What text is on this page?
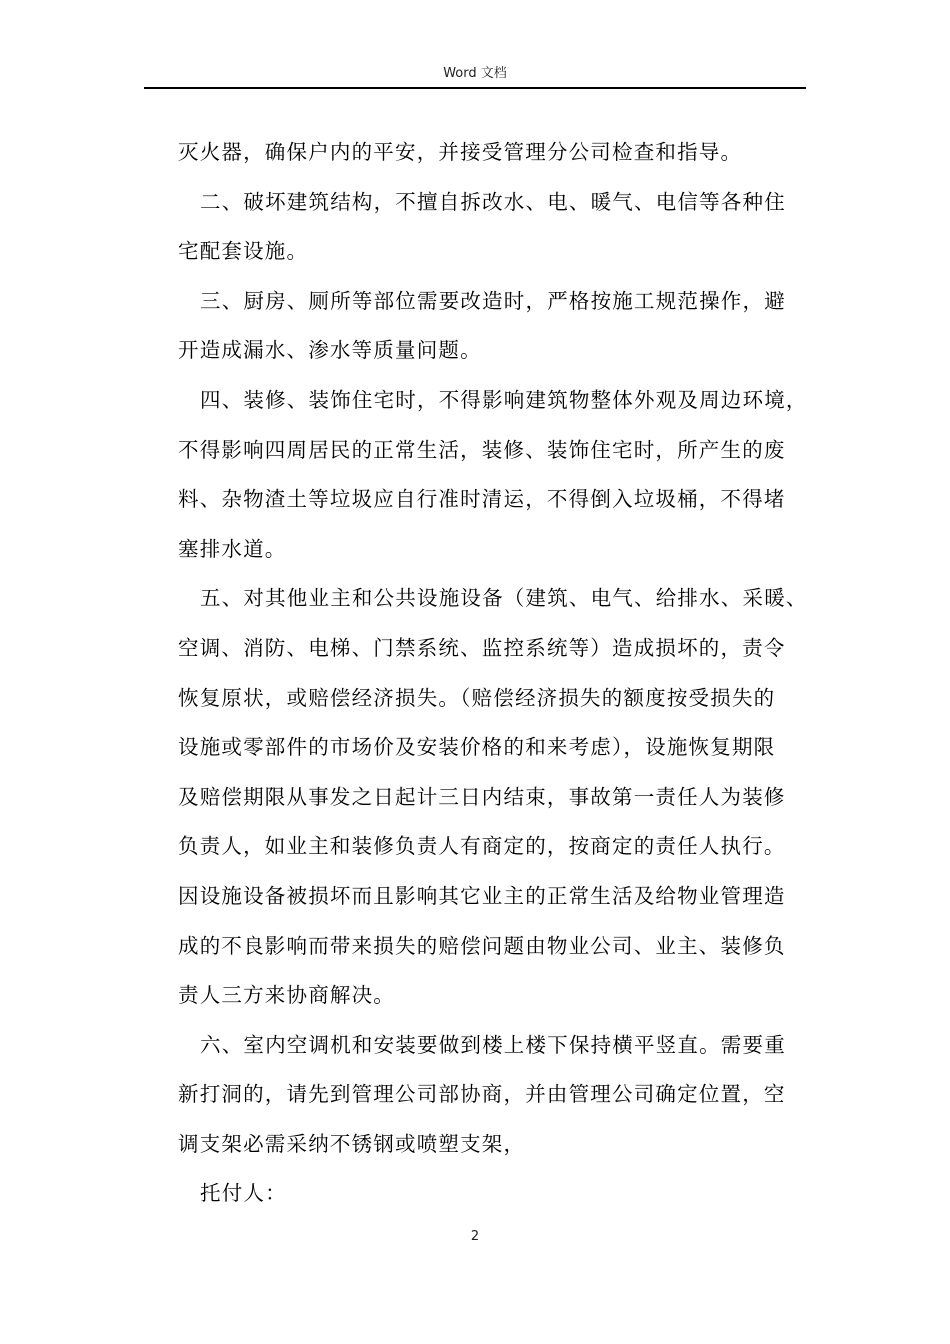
Word 文档

灭火器，确保户内的平安，并接受管理分公司检查和指导。

二、破坏建筑结构，不擅自拆改水、电、暖气、电信等各种住

宅配套设施。

三、厨房、厕所等部位需要改造时，严格按施工规范操作，避

开造成漏水、渗水等质量问题。

四、装修、装饰住宅时，不得影响建筑物整体外观及周边环境，

不得影响四周居民的正常生活，装修、装饰住宅时，所产生的废

料、杂物渣土等垃圾应自行准时清运，不得倒入垃圾桶，不得堵

塞排水道。

五、对其他业主和公共设施设备（建筑、电气、给排水、采暖、

空调、消防、电梯、门禁系统、监控系统等）造成损坏的，责令

恢复原状，或赔偿经济损失。（赔偿经济损失的额度按受损失的

设施或零部件的市场价及安装价格的和来考虑），设施恢复期限

及赔偿期限从事发之日起计三日内结束，事故第一责任人为装修

负责人，如业主和装修负责人有商定的，按商定的责任人执行。

因设施设备被损坏而且影响其它业主的正常生活及给物业管理造

成的不良影响而带来损失的赔偿问题由物业公司、业主、装修负

责人三方来协商解决。

六、室内空调机和安装要做到楼上楼下保持横平竖直。需要重

新打洞的，请先到管理公司部协商，并由管理公司确定位置，空

调支架必需采纳不锈钢或喷塑支架，

托付人：

2
